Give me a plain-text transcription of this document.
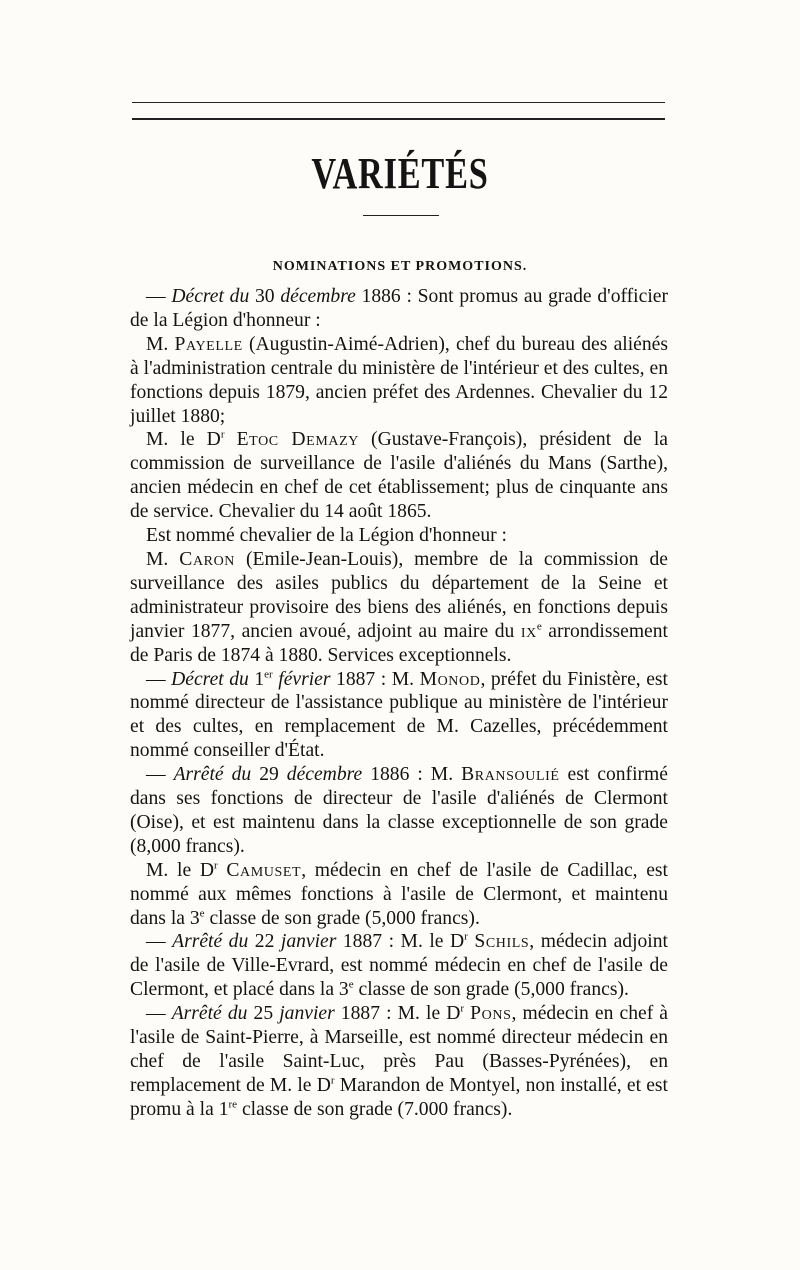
VARIÉTÉS
NOMINATIONS ET PROMOTIONS.

— Décret du 30 décembre 1886 : Sont promus au grade d'officier de la Légion d'honneur :

M. Payelle (Augustin-Aimé-Adrien), chef du bureau des aliénés à l'administration centrale du ministère de l'intérieur et des cultes, en fonctions depuis 1879, ancien préfet des Ardennes. Chevalier du 12 juillet 1880;

M. le $D^r$ Etoc Demazy (Gustave-François), président de la commission de surveillance de l'asile d'aliénés du Mans (Sarthe), ancien médecin en chef de cet établissement; plus de cinquante ans de service. Chevalier du 14 août 1865.

Est nommé chevalier de la Légion d'honneur :

M. Caron (Emile-Jean-Louis), membre de la commission de surveillance des asiles publics du département de la Seine et administrateur provisoire des biens des aliénés, en fonctions depuis janvier 1877, ancien avoué, adjoint au maire du $ix^e$ arrondissement de Paris de 1874 à 1880. Services exceptionnels.

— Décret du 1er février 1887 : M. Monod, préfet du Finistère, est nommé directeur de l'assistance publique au ministère de l'intérieur et des cultes, en remplacement de M. Cazelles, précédemment nommé conseiller d'État.

— Arrêté du 29 décembre 1886 : M. Bransoulié est confirmé dans ses fonctions de directeur de l'asile d'aliénés de Clermont (Oise), et est maintenu dans la classe exceptionnelle de son grade (8,000 francs).

M. le $D^r$ Camuset, médecin en chef de l'asile de Cadillac, est nommé aux mêmes fonctions à l'asile de Clermont, et maintenu dans la 3e classe de son grade (5,000 francs).

— Arrêté du 22 janvier 1887 : M. le $D^r$ Schils, médecin adjoint de l'asile de Ville-Evrard, est nommé médecin en chef de l'asile de Clermont, et placé dans la 3e classe de son grade (5,000 francs).

— Arrêté du 25 janvier 1887 : M. le $D^r$ Pons, médecin en chef à l'asile de Saint-Pierre, à Marseille, est nommé directeur médecin en chef de l'asile Saint-Luc, près Pau (Basses-Pyrénées), en remplacement de M. le $D^r$ Marandon de Montyel, non installé, et est promu à la 1re classe de son grade (7.000 francs).
